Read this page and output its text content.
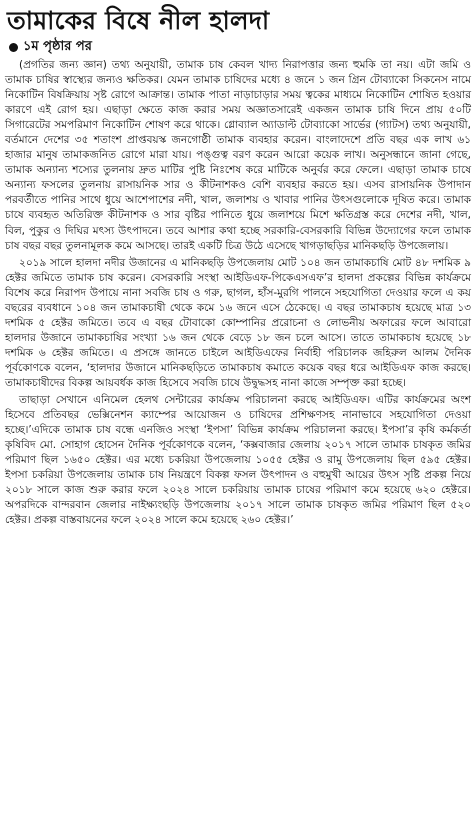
তামাকের বিষে নীল হালদা
১ম পৃষ্ঠার পর

(প্রগতির জন্য জ্ঞান) তথ্য অনুযায়ী, তামাক চাষ কেবল খাদ্য নিরাপত্তার জন্য হুমকি তা নয়। এটা জমি ও তামাক চাষির স্বাস্থ্যের জন্যও ক্ষতিকর। যেমন তামাক চাষিদের মধ্যে ৪ জনে ১ জন গ্রিন টোব্যাকো সিকনেস নামে নিকোটিন বিষক্রিয়ায় সৃষ্ট রোগে আক্রান্ত। তামাক পাতা নাড়াচাড়ার সময় ত্বকের মাধ্যমে নিকোটিন শোষিত হওয়ার কারণে এই রোগ হয়। এছাড়া ক্ষেতে কাজ করার সময় অজ্ঞাতসারেই একজন তামাক চাষি দিনে প্রায় ৫০টি সিগারেটের সমপরিমাণ নিকোটিন শোষণ করে থাকে। গ্লোব্যাল অ্যাডাল্ট টোব্যাকো সার্ভের (গ্যাটস) তথ্য অনুযায়ী, বর্তমানে দেশের ৩৫ শতাংশ প্রাপ্তবয়স্ক জনগোষ্ঠী তামাক ব্যবহার করেন। বাংলাদেশে প্রতি বছর এক লাখ ৬১ হাজার মানুষ তামাকজনিত রোগে মারা যায়। পঙ্গুত্ব বরণ করেন আরো কয়েক লাখ। অনুসন্ধানে জানা গেছে, তামাক অন্যান্য শস্যের তুলনায় দ্রুত মাটির পুষ্টি নিঃশেষ করে মাটিকে অনুর্বর করে ফেলে। এছাড়া তামাক চাষে অন্যান্য ফসলের তুলনায় রাসায়নিক সার ও কীটনাশকও বেশি ব্যবহার করতে হয়। এসব রাসায়নিক উপাদান পরবর্তীতে পানির সাথে ধুয়ে আশেপাশের নদী, খাল, জলাশয় ও খাবার পানির উৎসগুলোকে দূষিত করে। তামাক চাষে ব্যবহৃত অতিরিক্ত কীটনাশক ও সার বৃষ্টির পানিতে ধুয়ে জলাশয়ে মিশে ক্ষতিগ্রস্ত করে দেশের নদী, খাল, বিল, পুকুর ও দিঘির মৎস্য উৎপাদনে। তবে আশার কথা হচ্ছে সরকারি-বেসরকারি বিভিন্ন উদ্যোগের ফলে তামাক চাষ বছর বছর তুলনামূলক কমে আসছে। তারই একটি চিত্র উঠে এসেছে খাগড়াছড়ির মানিকছড়ি উপজেলায়।

২০১৯ সালে হালদা নদীর উজানের এ মানিকছড়ি উপজেলায় মোট ১০৪ জন তামাকচাষি মোট ৪৮ দশমিক ৯ হেক্টর জমিতে তামাক চাষ করেন। বেসরকারি সংস্থা আইডিএফ-পিকেএসএফ’র হালদা প্রকল্পের বিভিন্ন কার্যক্রমে বিশেষ করে নিরাপদ উপায়ে নানা সবজি চাষ ও গরু, ছাগল, হাঁস-মুরগি পালনে সহযোগিতা দেওয়ার ফলে এ কয় বছরের ব্যবধানে ১০৪ জন তামাকচাষী থেকে কমে ১৬ জনে এসে ঠেকেছে। এ বছর তামাকচাষ হয়েছে মাত্র ১৩ দশমিক ৫ হেক্টর জমিতে। তবে এ বছর টোবাকো কোম্পানির প্ররোচনা ও লোভনীয় অফারের ফলে আবারো হালদার উজানে তামাকচাষির সংখ্যা ১৬ জন থেকে বেড়ে ১৮ জন চলে আসে। তাতে তামাকচাষ হয়েছে ১৮ দশমিক ৬ হেক্টর জমিতে। এ প্রসঙ্গে জানতে চাইলে আইডিএফের নির্বাহী পরিচালক জহিরুল আলম দৈনিক পূর্বকোণকে বলেন, ‘হালদার উজানে মানিকছড়িতে তামাকচাষ কমাতে কয়েক বছর ধরে আইডিএফ কাজ করছে। তামাকচাষীদের বিকল্প আয়বর্ধক কাজ হিসেবে সবজি চাষে উদ্বুদ্ধসহ নানা কাজে সম্পৃক্ত করা হচ্ছে।

তাছাড়া সেখানে এনিমেল হেলথ সেন্টারের কার্যক্রম পরিচালনা করছে আইডিএফ। এটির কার্যক্রমের অংশ হিসেবে প্রতিবছর ভেক্সিনেশন ক্যাম্পের আয়োজন ও চাষিদের প্রশিক্ষণসহ নানাভাবে সহযোগিতা দেওয়া হচ্ছে।’এদিকে তামাক চাষ বন্ধে এনজিও সংস্থা ‘ইপসা’ বিভিন্ন কার্যক্রম পরিচালনা করছে। ইপসা’র কৃষি কর্মকর্তা কৃষিবিদ মো. সোহাগ হোসেন দৈনিক পূর্বকোণকে বলেন, ‘কক্সবাজার জেলায় ২০১৭ সালে তামাক চাষকৃত জমির পরিমাণ ছিল ১৬৫০ হেক্টর। এর মধ্যে চকরিয়া উপজেলায় ১০৫৫ হেক্টর ও রামু উপজেলায় ছিল ৫৯৫ হেক্টর। ইপসা চকরিয়া উপজেলায় তামাক চাষ নিয়ন্ত্রণে বিকল্প ফসল উৎপাদন ও বহুমুখী আয়ের উৎস সৃষ্টি প্রকল্প নিয়ে ২০১৮ সালে কাজ শুরু করার ফলে ২০২৪ সালে চকরিয়ায় তামাক চাষের পরিমাণ কমে হয়েছে ৬২০ হেক্টরে। অপরদিকে বান্দরবান জেলার নাইক্ষ্যংছড়ি উপজেলায় ২০১৭ সালে তামাক চাষকৃত জমির পরিমাণ ছিল ৫২০ হেক্টর। প্রকল্প বাস্তবায়নের ফলে ২০২৪ সালে কমে হয়েছে ২৬০ হেক্টর।’
